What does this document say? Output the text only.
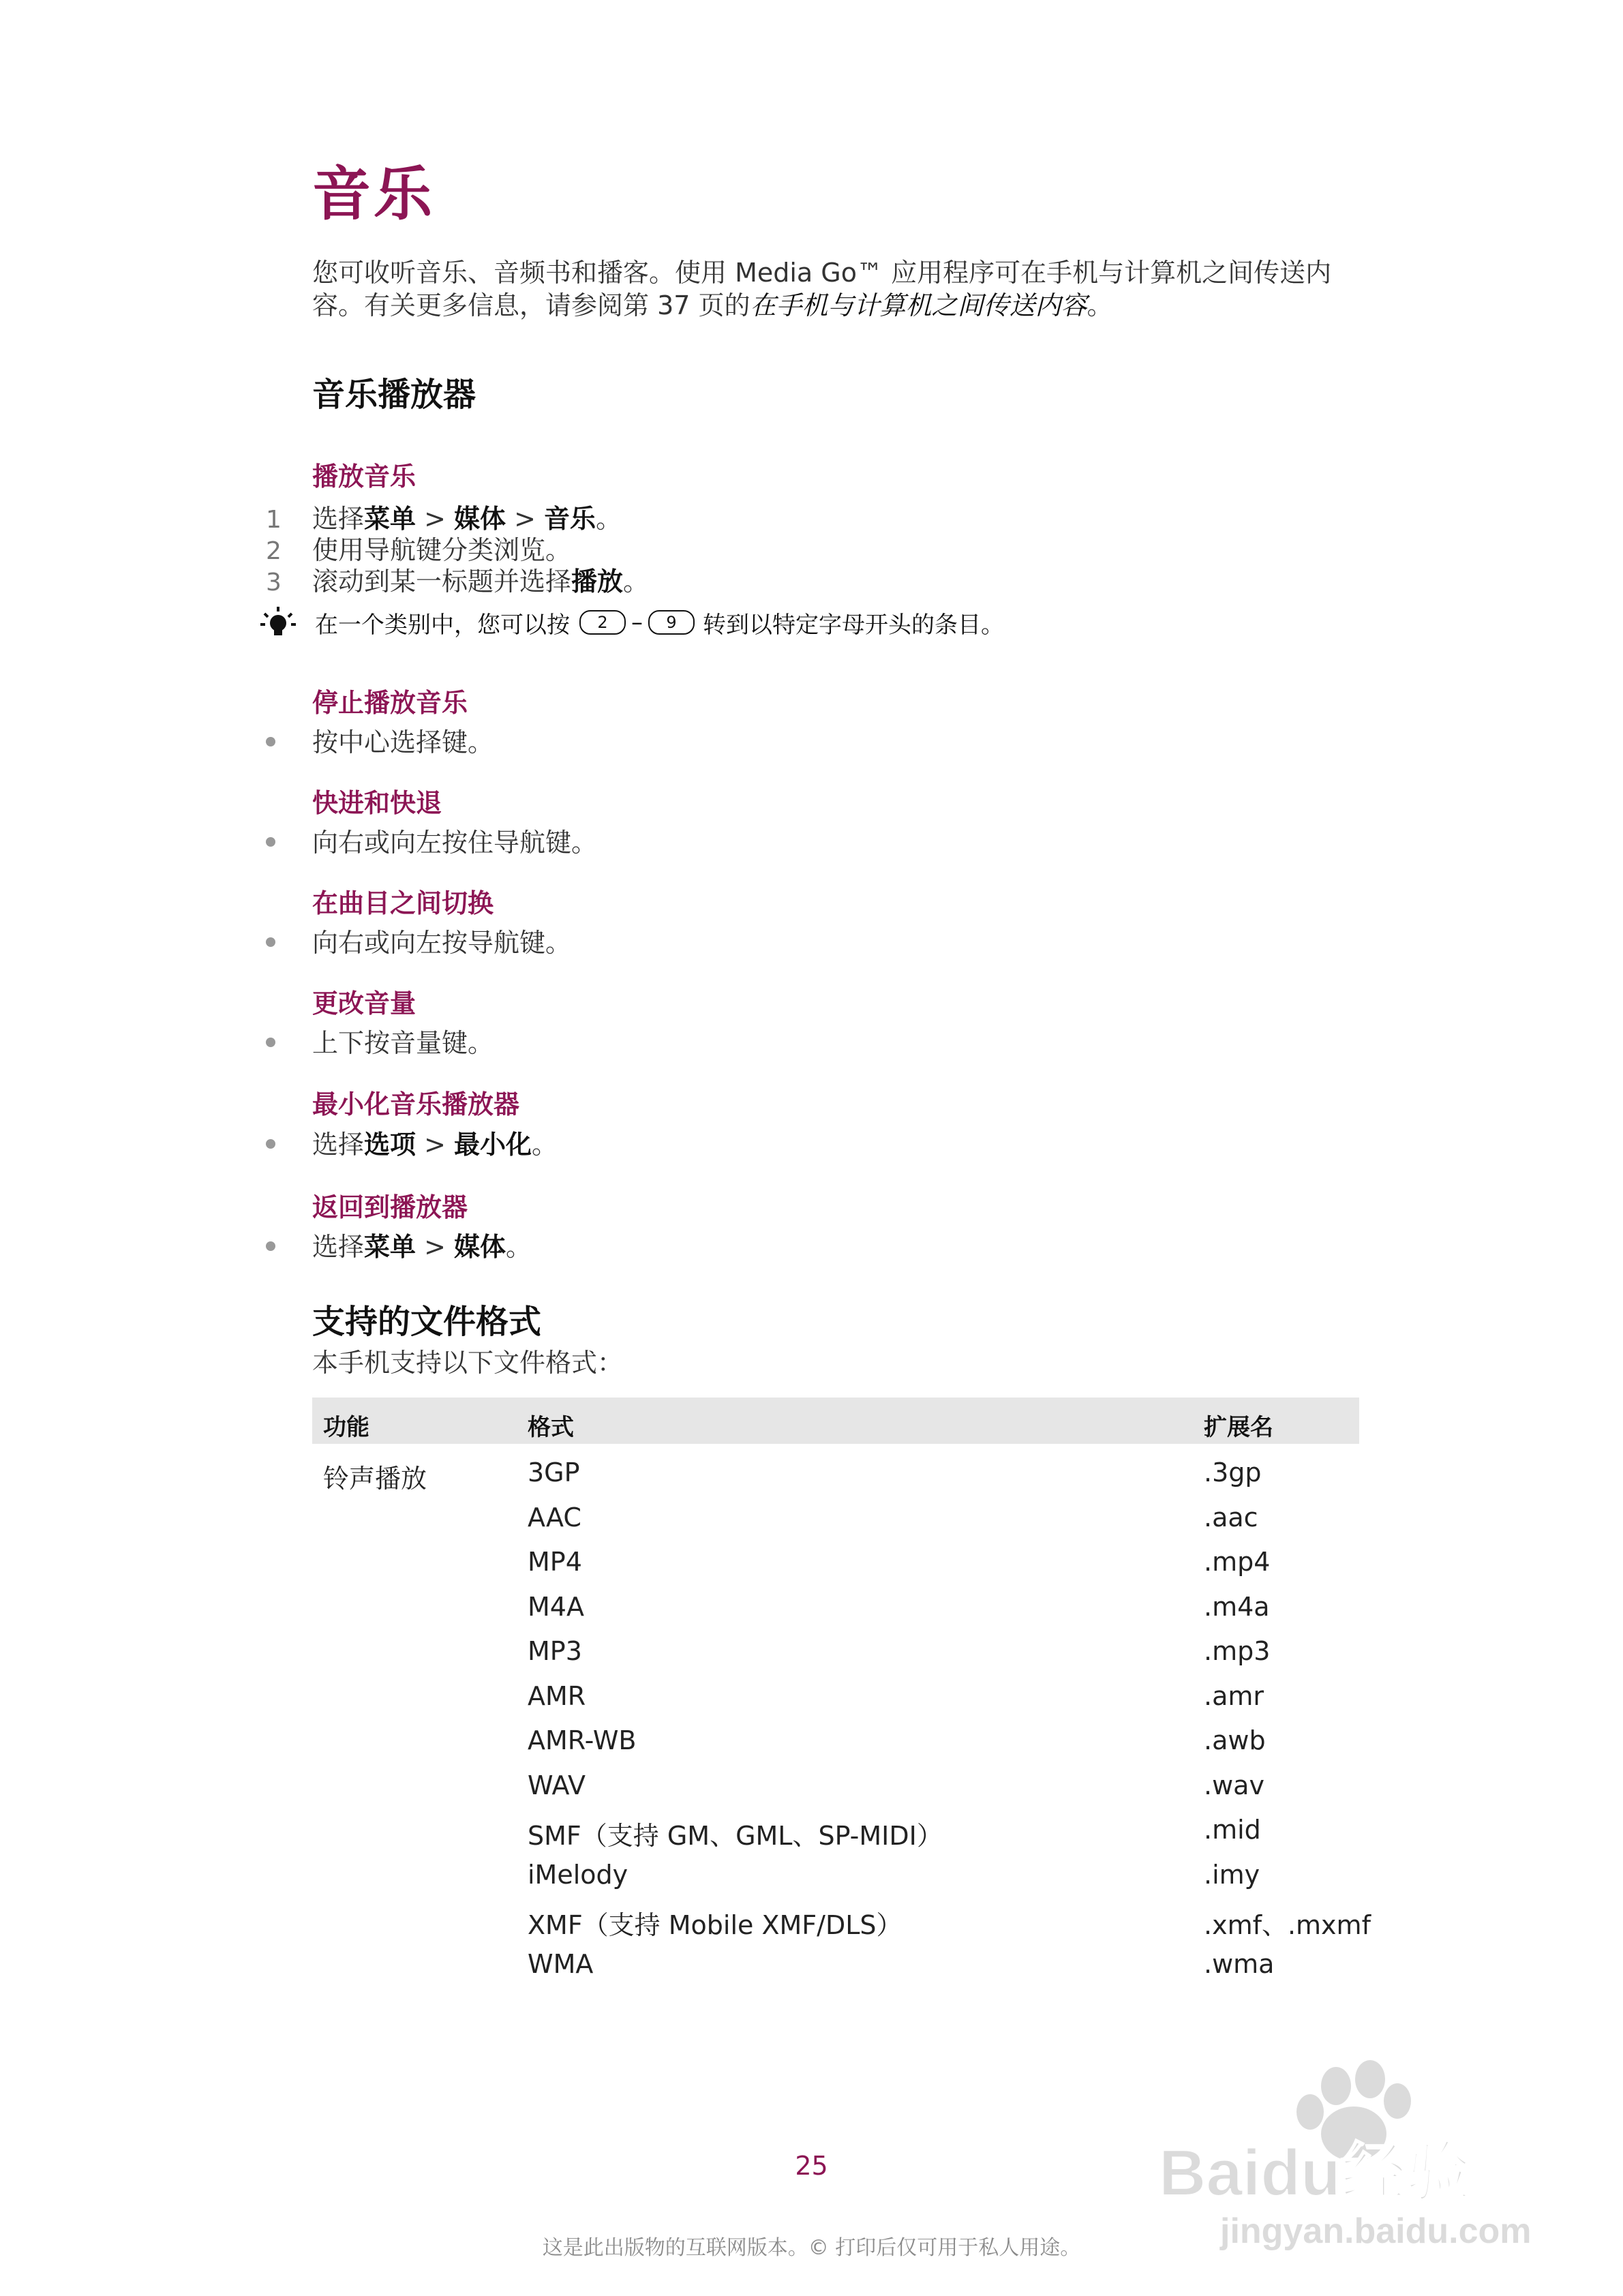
音乐
您可收听音乐、音频书和播客。使用 Media Go™ 应用程序可在手机与计算机之间传送内容。有关更多信息，请参阅第 37 页的在手机与计算机之间传送内容。
音乐播放器
播放音乐
1 选择菜单 > 媒体 > 音乐。
2 使用导航键分类浏览。
3 滚动到某一标题并选择播放。
在一个类别中，您可以按	2	–	9	转到以特定字母开头的条目。
停止播放音乐
按中心选择键。
快进和快退
向右或向左按住导航键。
在曲目之间切换
向右或向左按导航键。
更改音量
上下按音量键。
最小化音乐播放器
选择选项 > 最小化。
返回到播放器
选择菜单 > 媒体。
支持的文件格式
本手机支持以下文件格式：
功能	格式	扩展名
铃声播放	3GP	.3gp
AAC	.aac
MP4	.mp4
M4A	.m4a
MP3	.mp3
AMR	.amr
AMR-WB	.awb
WAV	.wav
SMF（支持 GM、GML、SP-MIDI）	.mid
iMelody	.imy
XMF（支持 Mobile XMF/DLS）	.xmf、.mxmf
WMA	.wma
25
这是此出版物的互联网版本。© 打印后仅可用于私人用途。
Baidu经验
jingyan.baidu.com
